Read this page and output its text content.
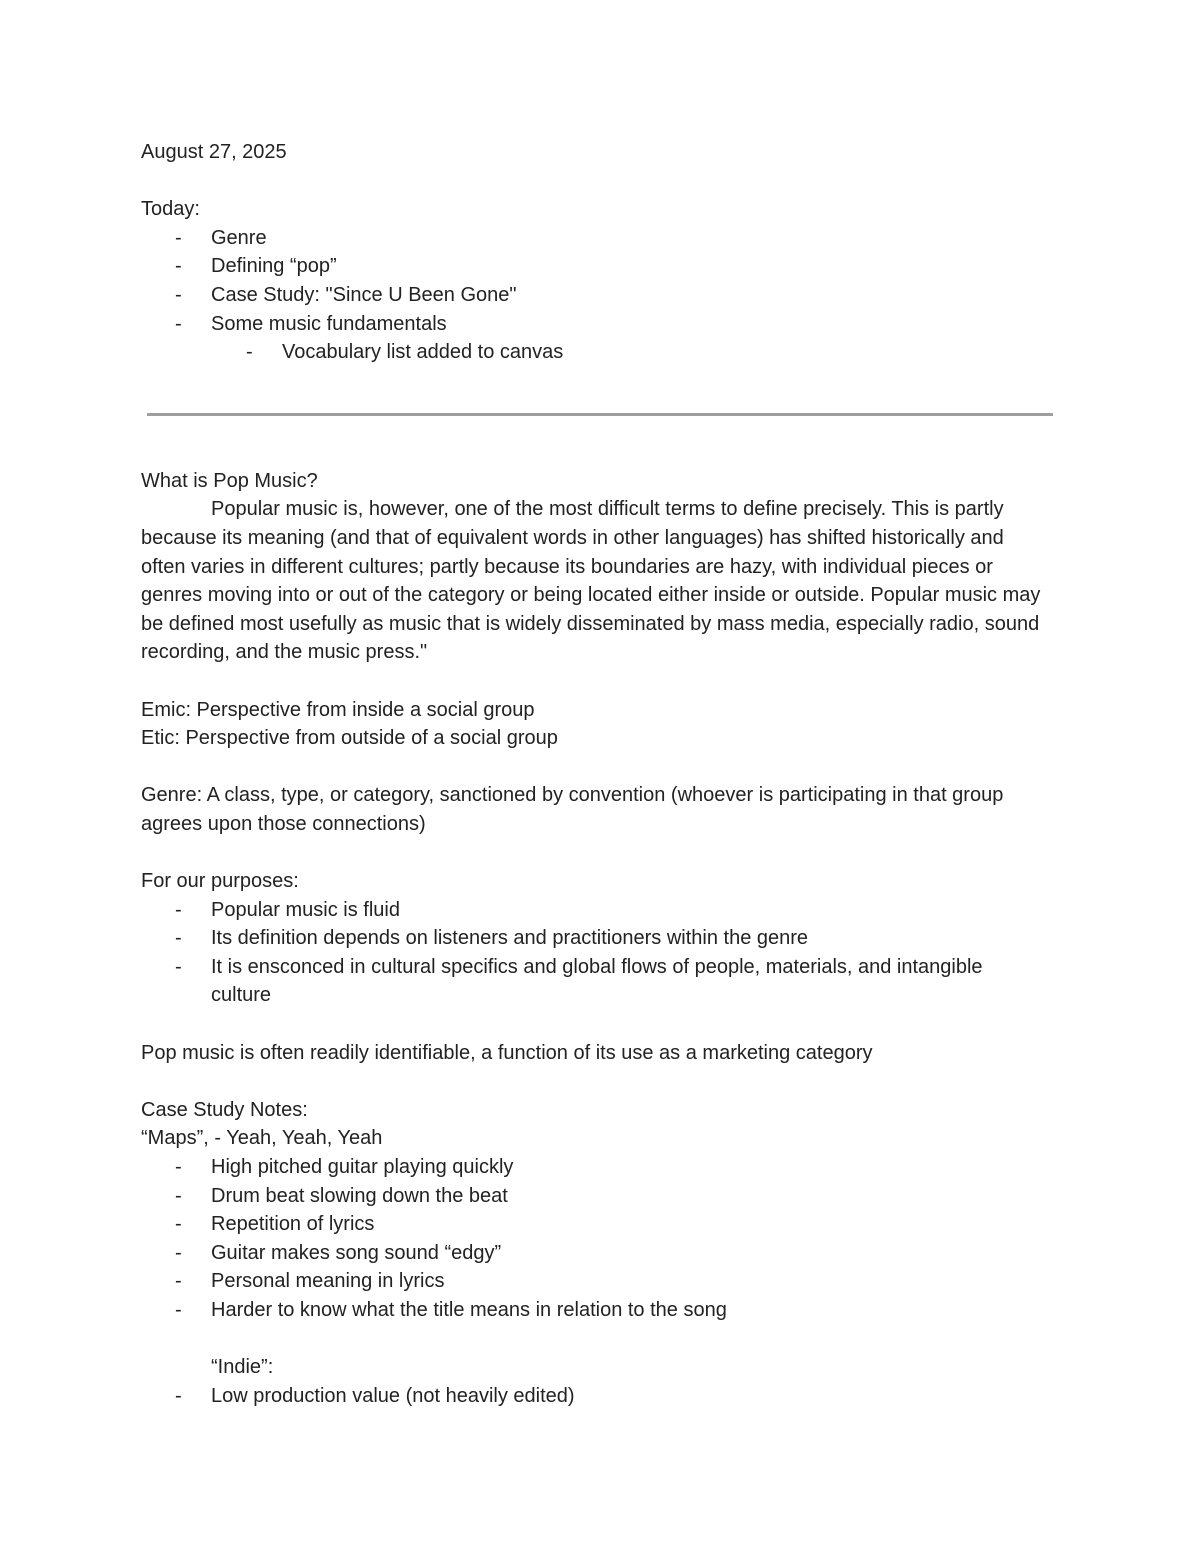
August 27, 2025
Today:
- Genre
- Defining “pop”
- Case Study: "Since U Been Gone"
- Some music fundamentals
- Vocabulary list added to canvas
What is Pop Music?

Popular music is, however, one of the most difficult terms to define precisely. This is partly because its meaning (and that of equivalent words in other languages) has shifted historically and often varies in different cultures; partly because its boundaries are hazy, with individual pieces or genres moving into or out of the category or being located either inside or outside. Popular music may be defined most usefully as music that is widely disseminated by mass media, especially radio, sound recording, and the music press."

Emic: Perspective from inside a social group
Etic: Perspective from outside of a social group
Genre: A class, type, or category, sanctioned by convention (whoever is participating in that group agrees upon those connections)
For our purposes:
- Popular music is fluid
- Its definition depends on listeners and practitioners within the genre
- It is ensconced in cultural specifics and global flows of people, materials, and intangible culture
Pop music is often readily identifiable, a function of its use as a marketing category
Case Study Notes:
“Maps”, - Yeah, Yeah, Yeah
- High pitched guitar playing quickly
- Drum beat slowing down the beat
- Repetition of lyrics
- Guitar makes song sound “edgy”
- Personal meaning in lyrics
- Harder to know what the title means in relation to the song
“Indie”:
- Low production value (not heavily edited)
